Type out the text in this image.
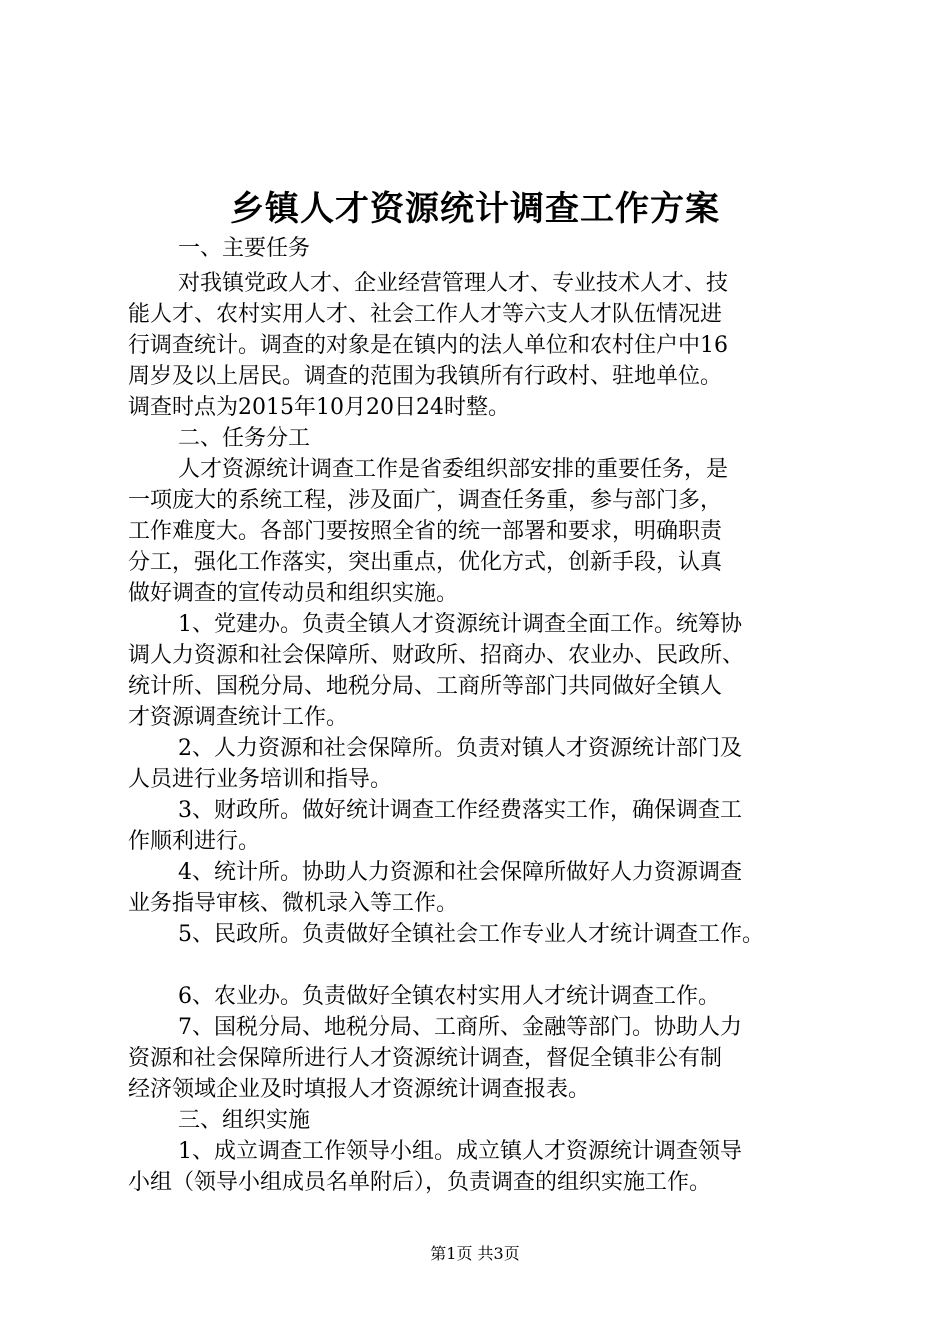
乡镇人才资源统计调查工作方案

一、主要任务

对我镇党政人才、企业经营管理人才、专业技术人才、技

能人才、农村实用人才、社会工作人才等六支人才队伍情况进

行调查统计。调查的对象是在镇内的法人单位和农村住户中16

周岁及以上居民。调查的范围为我镇所有行政村、驻地单位。

调查时点为2015年10月20日24时整。

二、任务分工

人才资源统计调查工作是省委组织部安排的重要任务，是

一项庞大的系统工程，涉及面广，调查任务重，参与部门多，

工作难度大。各部门要按照全省的统一部署和要求，明确职责

分工，强化工作落实，突出重点，优化方式，创新手段，认真

做好调查的宣传动员和组织实施。

1、党建办。负责全镇人才资源统计调查全面工作。统筹协

调人力资源和社会保障所、财政所、招商办、农业办、民政所、

统计所、国税分局、地税分局、工商所等部门共同做好全镇人

才资源调查统计工作。

2、人力资源和社会保障所。负责对镇人才资源统计部门及

人员进行业务培训和指导。

3、财政所。做好统计调查工作经费落实工作，确保调查工

作顺利进行。

4、统计所。协助人力资源和社会保障所做好人力资源调查

业务指导审核、微机录入等工作。

5、民政所。负责做好全镇社会工作专业人才统计调查工作。

6、农业办。负责做好全镇农村实用人才统计调查工作。

7、国税分局、地税分局、工商所、金融等部门。协助人力

资源和社会保障所进行人才资源统计调查，督促全镇非公有制

经济领域企业及时填报人才资源统计调查报表。

三、组织实施

1、成立调查工作领导小组。成立镇人才资源统计调查领导

小组（领导小组成员名单附后），负责调查的组织实施工作。

第1页 共3页
